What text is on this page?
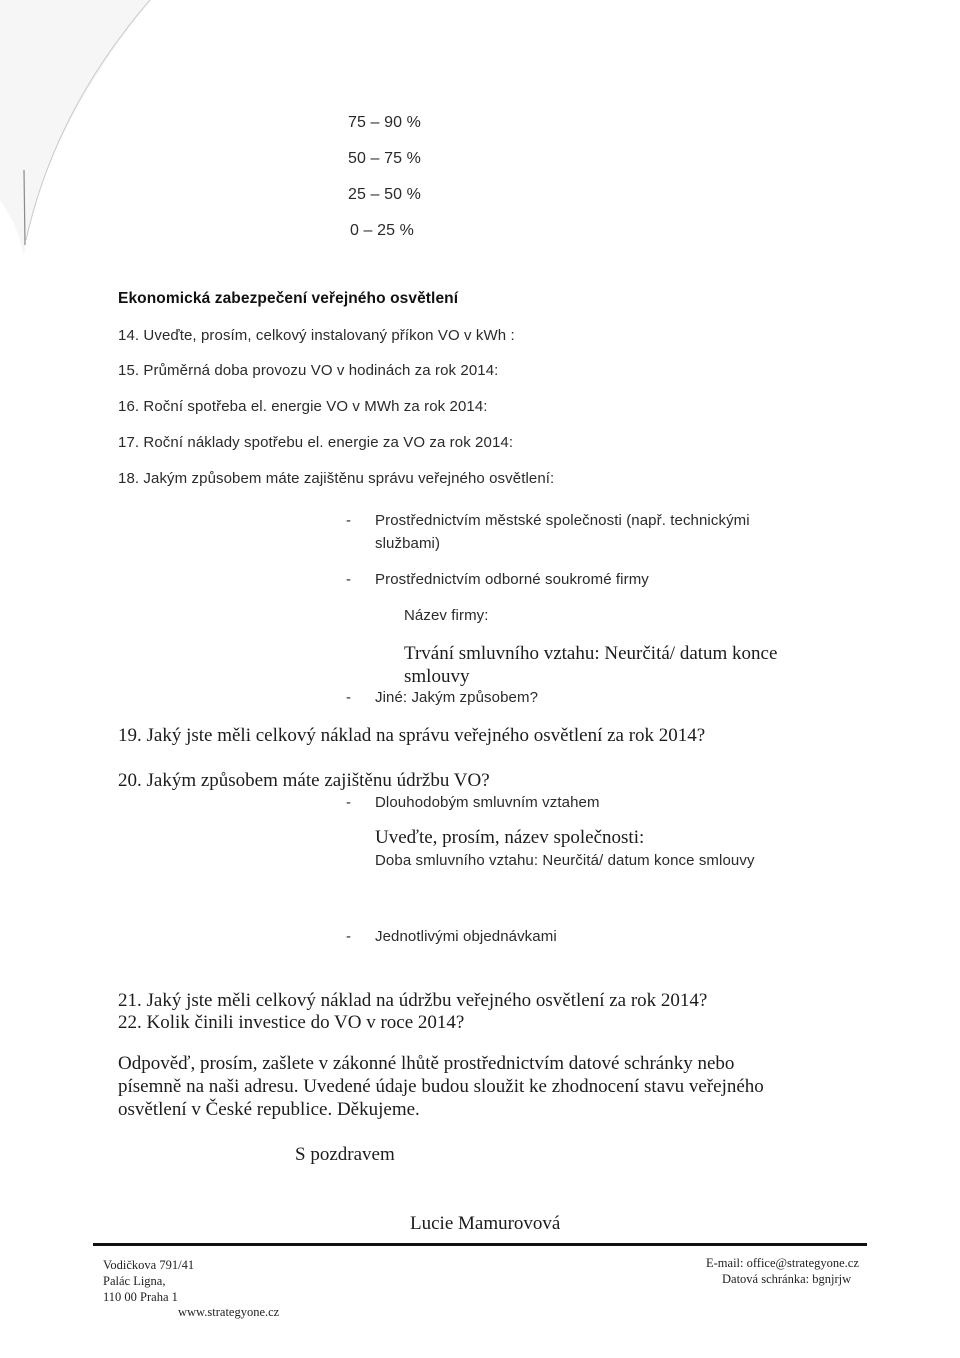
75 – 90 %
50 – 75 %
25 – 50 %
0 – 25 %
Ekonomická zabezpečení veřejného osvětlení
14. Uveďte, prosím, celkový instalovaný příkon VO v kWh :
15. Průměrná doba provozu VO v hodinách za rok 2014:
16. Roční spotřeba el. energie VO v MWh za rok 2014:
17. Roční náklady spotřebu el. energie za VO za rok 2014:
18. Jakým způsobem máte zajištěnu správu veřejného osvětlení:
- Prostřednictvím městské společnosti (např. technickými
službami)
- Prostřednictvím odborné soukromé firmy
Název firmy:
Trvání smluvního vztahu: Neurčitá/ datum konce
smlouvy
- Jiné: Jakým způsobem?
19. Jaký jste měli celkový náklad na správu veřejného osvětlení za rok 2014?
20. Jakým způsobem máte zajištěnu údržbu VO?
- Dlouhodobým smluvním vztahem
Uveďte, prosím, název společnosti:
Doba smluvního vztahu: Neurčitá/ datum konce smlouvy
- Jednotlivými objednávkami
21. Jaký jste měli celkový náklad na údržbu veřejného osvětlení za rok 2014?
22. Kolik činili investice do VO v roce 2014?
Odpověď, prosím, zašlete v zákonné lhůtě prostřednictvím datové schránky nebo
písemně na naši adresu. Uvedené údaje budou sloužit ke zhodnocení stavu veřejného
osvětlení v České republice. Děkujeme.
S pozdravem
Lucie Mamurovová
Vodičkova 791/41
Palác Ligna,
110 00 Praha 1
www.strategyone.cz
E-mail: office@strategyone.cz
Datová schránka: bgnjrjw
